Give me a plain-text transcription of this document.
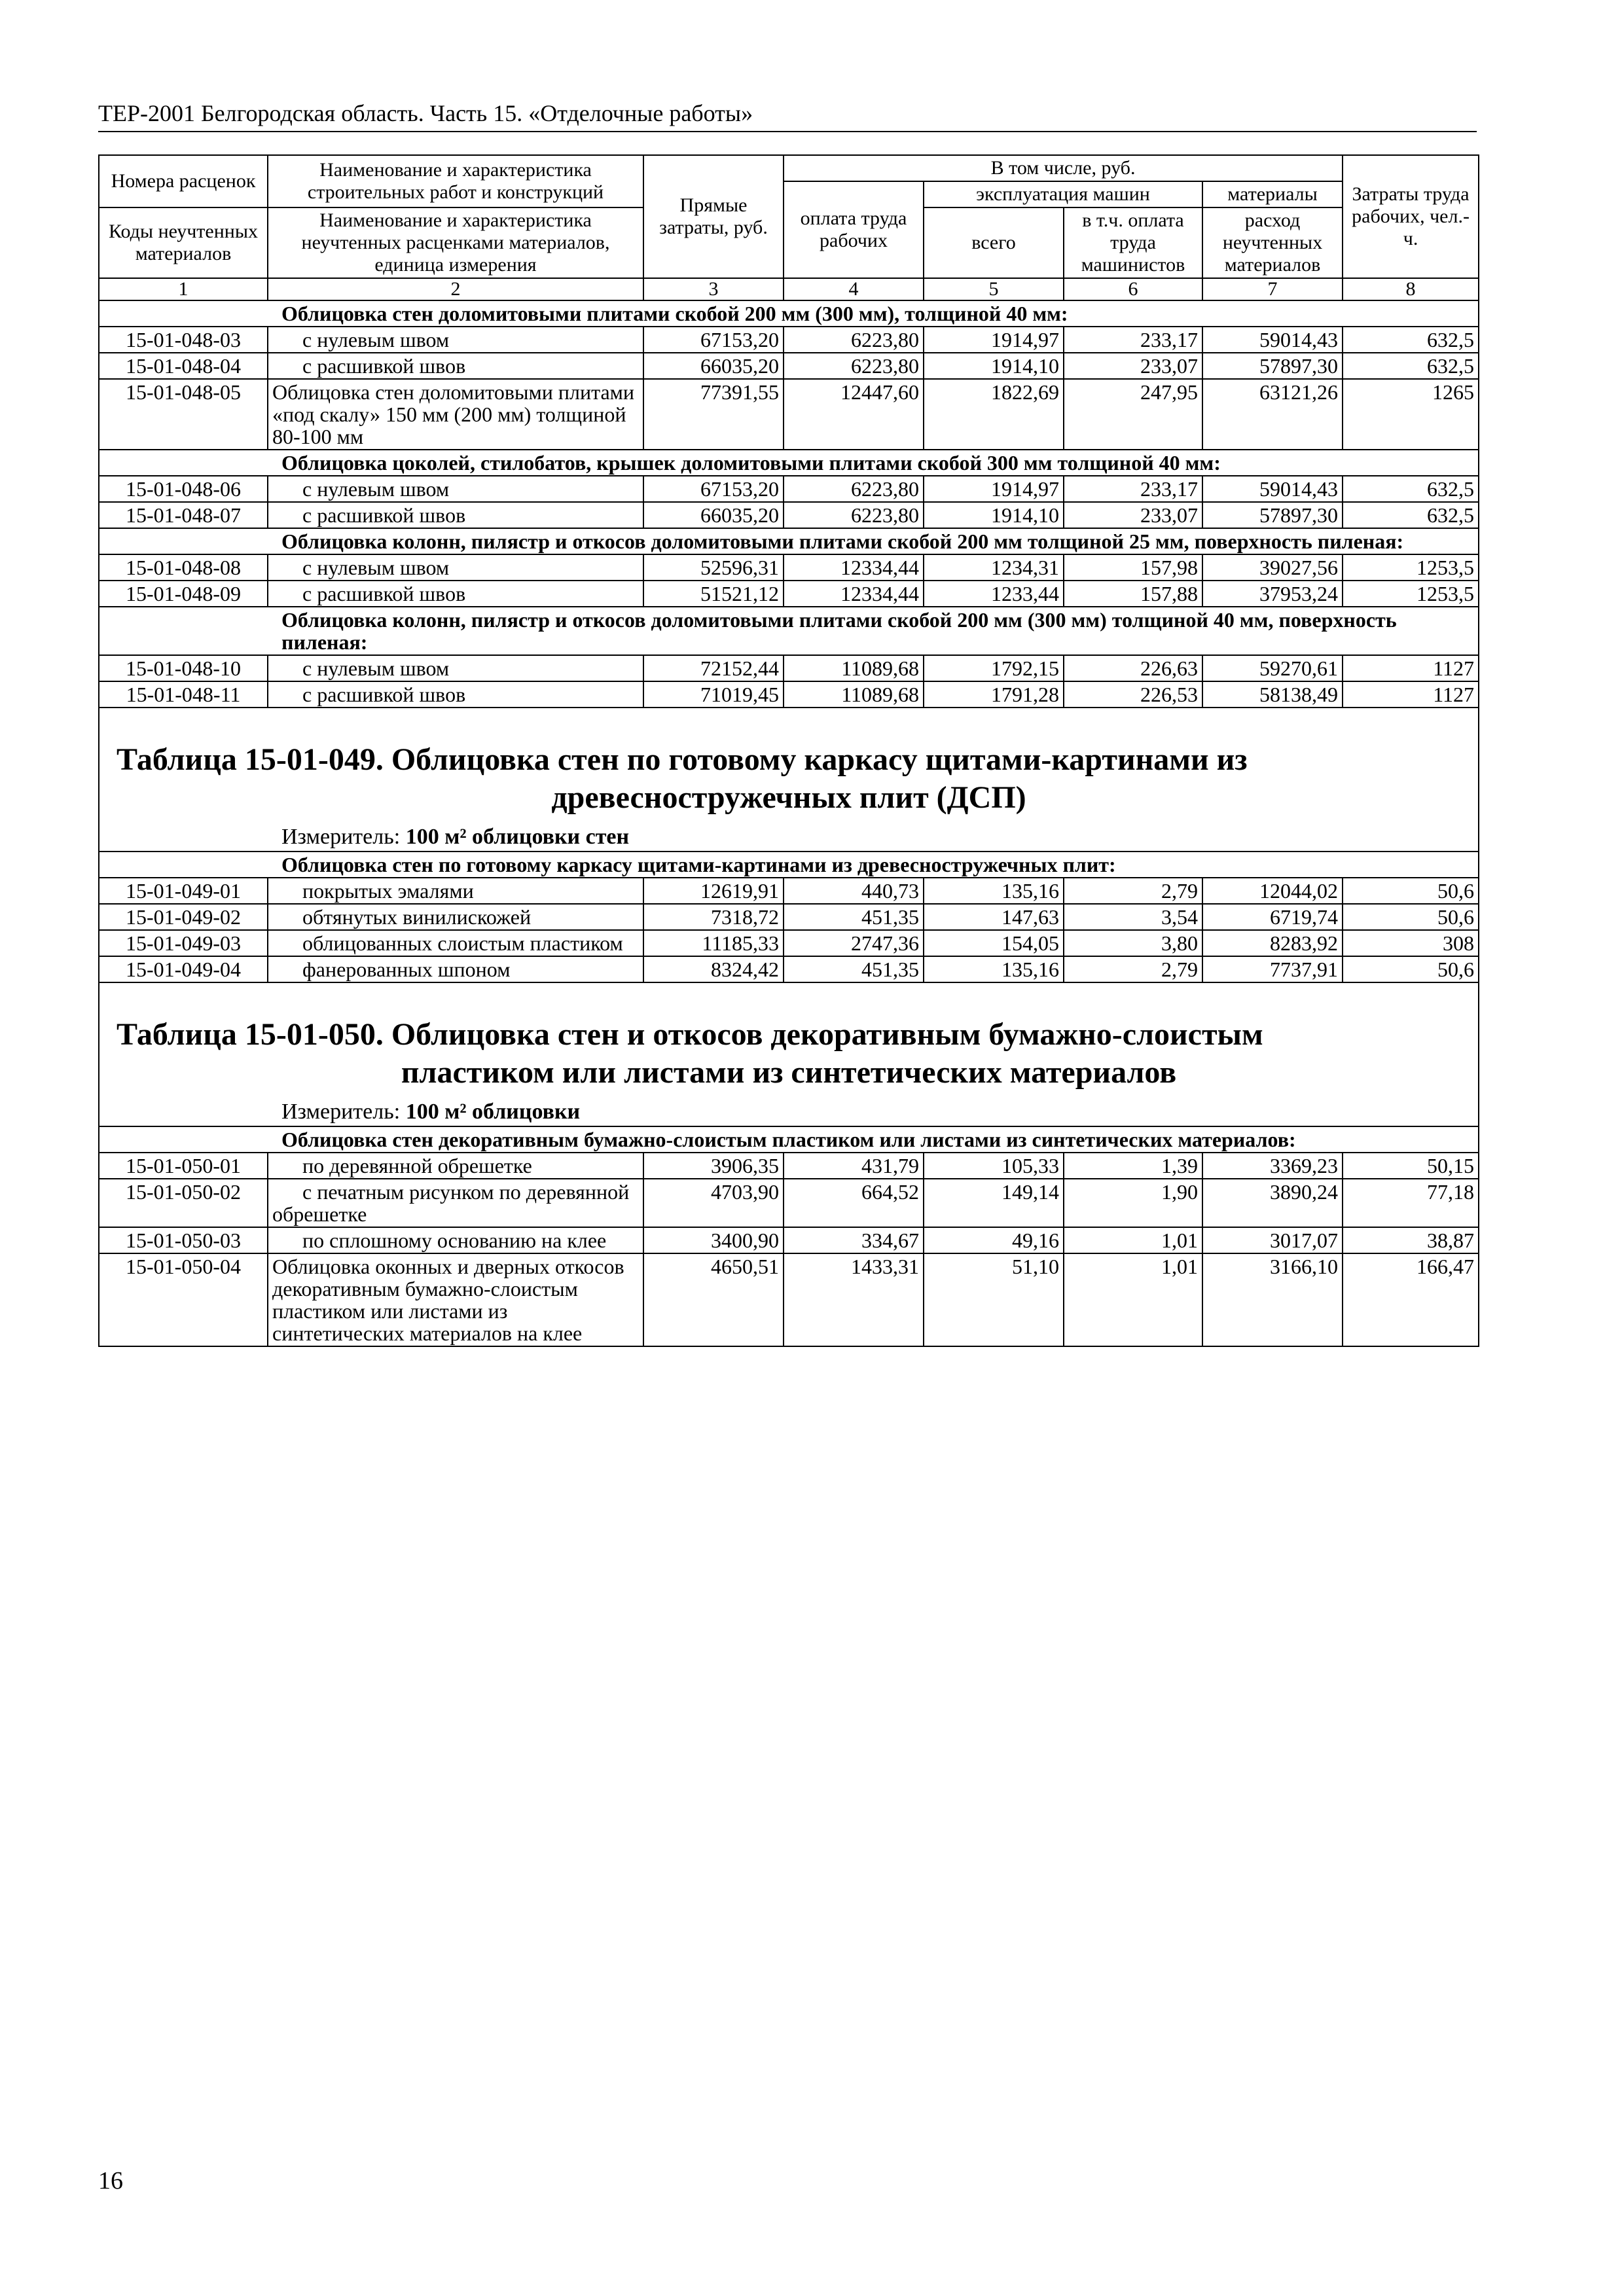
ТЕР-2001 Белгородская область. Часть 15. «Отделочные работы»
Номера расценок	Наименование и характеристика строительных работ и конструкций	Прямые затраты, руб.	В том числе, руб.				Затраты труда рабочих, чел.-ч.
			оплата труда рабочих	эксплуатация машин		материалы	
Коды неучтенных материалов	Наименование и характеристика неучтенных расценками материалов, единица измерения			всего	в т.ч. оплата труда машинистов	расход неучтенных материалов	

1	2	3	4	5	6	7	8
Облицовка стен доломитовыми плитами скобой 200 мм (300 мм), толщиной 40 мм:							
15-01-048-03	с нулевым швом	67153,20	6223,80	1914,97	233,17	59014,43	632,5
15-01-048-04	с расшивкой швов	66035,20	6223,80	1914,10	233,07	57897,30	632,5
15-01-048-05	Облицовка стен доломитовыми плитами «под скалу» 150 мм (200 мм) толщиной 80-100 мм	77391,55	12447,60	1822,69	247,95	63121,26	1265
Облицовка цоколей, стилобатов, крышек доломитовыми плитами скобой 300 мм толщиной 40 мм:							
15-01-048-06	с нулевым швом	67153,20	6223,80	1914,97	233,17	59014,43	632,5
15-01-048-07	с расшивкой швов	66035,20	6223,80	1914,10	233,07	57897,30	632,5
Облицовка колонн, пилястр и откосов доломитовыми плитами скобой 200 мм толщиной 25 мм, поверхность пиленая:							
15-01-048-08	с нулевым швом	52596,31	12334,44	1234,31	157,98	39027,56	1253,5
15-01-048-09	с расшивкой швов	51521,12	12334,44	1233,44	157,88	37953,24	1253,5
Облицовка колонн, пилястр и откосов доломитовыми плитами скобой 200 мм (300 мм) толщиной 40 мм, поверхность пиленая:							
15-01-048-10	с нулевым швом	72152,44	11089,68	1792,15	226,63	59270,61	1127
15-01-048-11	с расшивкой швов	71019,45	11089,68	1791,28	226,53	58138,49	1127

Таблица 15-01-049. Облицовка стен по готовому каркасу щитами-картинами из
древесностружечных плит (ДСП)							

Измеритель: 100 м² облицовки стен							
Облицовка стен по готовому каркасу щитами-картинами из древесностружечных плит:							
15-01-049-01	покрытых эмалями	12619,91	440,73	135,16	2,79	12044,02	50,6
15-01-049-02	обтянутых винилискожей	7318,72	451,35	147,63	3,54	6719,74	50,6
15-01-049-03	облицованных слоистым пластиком	11185,33	2747,36	154,05	3,80	8283,92	308
15-01-049-04	фанерованных шпоном	8324,42	451,35	135,16	2,79	7737,91	50,6

Таблица 15-01-050. Облицовка стен и откосов декоративным бумажно-слоистым
пластиком или листами из синтетических материалов							

Измеритель: 100 м² облицовки							
Облицовка стен декоративным бумажно-слоистым пластиком или листами из синтетических материалов:							
15-01-050-01	по деревянной обрешетке	3906,35	431,79	105,33	1,39	3369,23	50,15
15-01-050-02	с печатным рисунком по деревянной обрешетке	4703,90	664,52	149,14	1,90	3890,24	77,18
15-01-050-03	по сплошному основанию на клее	3400,90	334,67	49,16	1,01	3017,07	38,87
15-01-050-04	Облицовка оконных и дверных откосов декоративным бумажно-слоистым пластиком или листами из синтетических материалов на клее	4650,51	1433,31	51,10	1,01	3166,10	166,47
16
